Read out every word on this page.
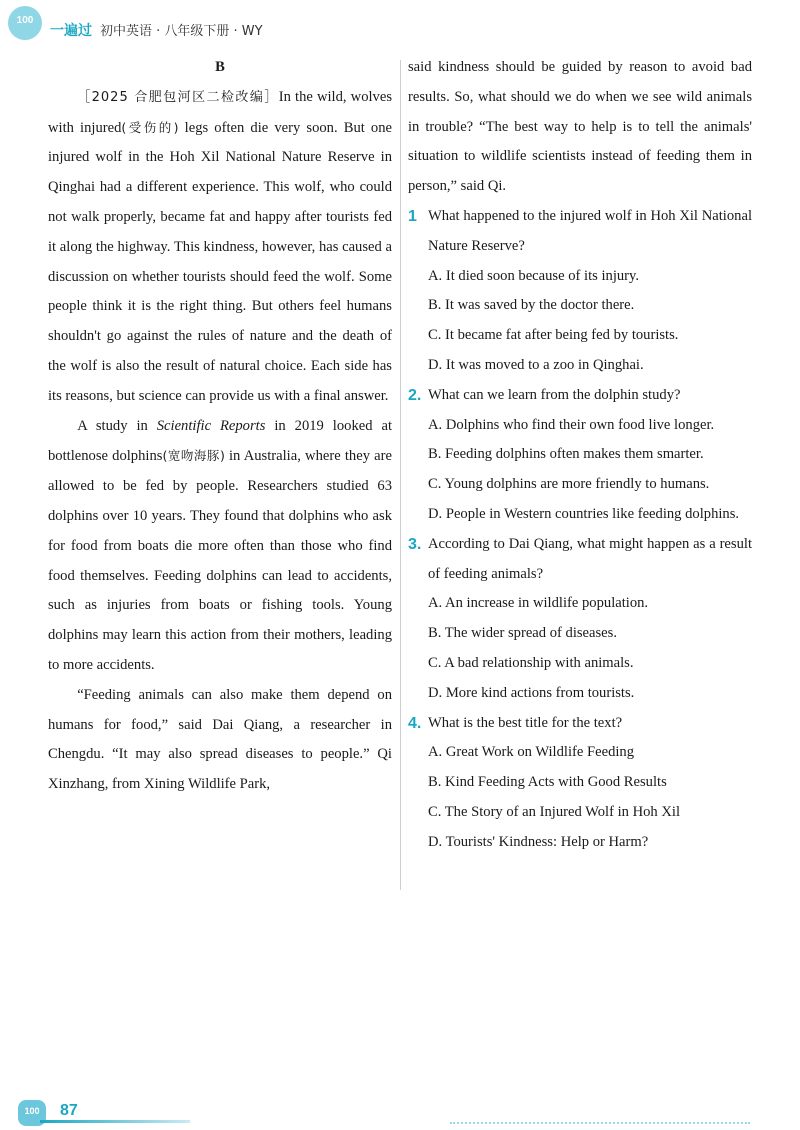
100
一遍过 初中英语 · 八年级下册 · WY

B

［2025 合肥包河区二检改编］In the wild, wolves with injured(受伤的) legs often die very soon. But one injured wolf in the Hoh Xil National Nature Reserve in Qinghai had a different experience. This wolf, who could not walk properly, became fat and happy after tourists fed it along the highway. This kindness, however, has caused a discussion on whether tourists should feed the wolf. Some people think it is the right thing. But others feel humans shouldn't go against the rules of nature and the death of the wolf is also the result of natural choice. Each side has its reasons, but science can provide us with a final answer.

A study in Scientific Reports in 2019 looked at bottlenose dolphins(宽吻海豚) in Australia, where they are allowed to be fed by people. Researchers studied 63 dolphins over 10 years. They found that dolphins who ask for food from boats die more often than those who find food themselves. Feeding dolphins can lead to accidents, such as injuries from boats or fishing tools. Young dolphins may learn this action from their mothers, leading to more accidents.

“Feeding animals can also make them depend on humans for food,” said Dai Qiang, a researcher in Chengdu. “It may also spread diseases to people.” Qi Xinzhang, from Xining Wildlife Park,

said kindness should be guided by reason to avoid bad results. So, what should we do when we see wild animals in trouble? “The best way to help is to tell the animals' situation to wildlife scientists instead of feeding them in person,” said Qi.

1 What happened to the injured wolf in Hoh Xil National Nature Reserve?

A. It died soon because of its injury.

B. It was saved by the doctor there.

C. It became fat after being fed by tourists.

D. It was moved to a zoo in Qinghai.

2. What can we learn from the dolphin study?

A. Dolphins who find their own food live longer.

B. Feeding dolphins often makes them smarter.

C. Young dolphins are more friendly to humans.

D. People in Western countries like feeding dolphins.

3. According to Dai Qiang, what might happen as a result of feeding animals?

A. An increase in wildlife population.

B. The wider spread of diseases.

C. A bad relationship with animals.

D. More kind actions from tourists.

4. What is the best title for the text?

A. Great Work on Wildlife Feeding

B. Kind Feeding Acts with Good Results

C. The Story of an Injured Wolf in Hoh Xil

D. Tourists' Kindness: Help or Harm?

100	87
